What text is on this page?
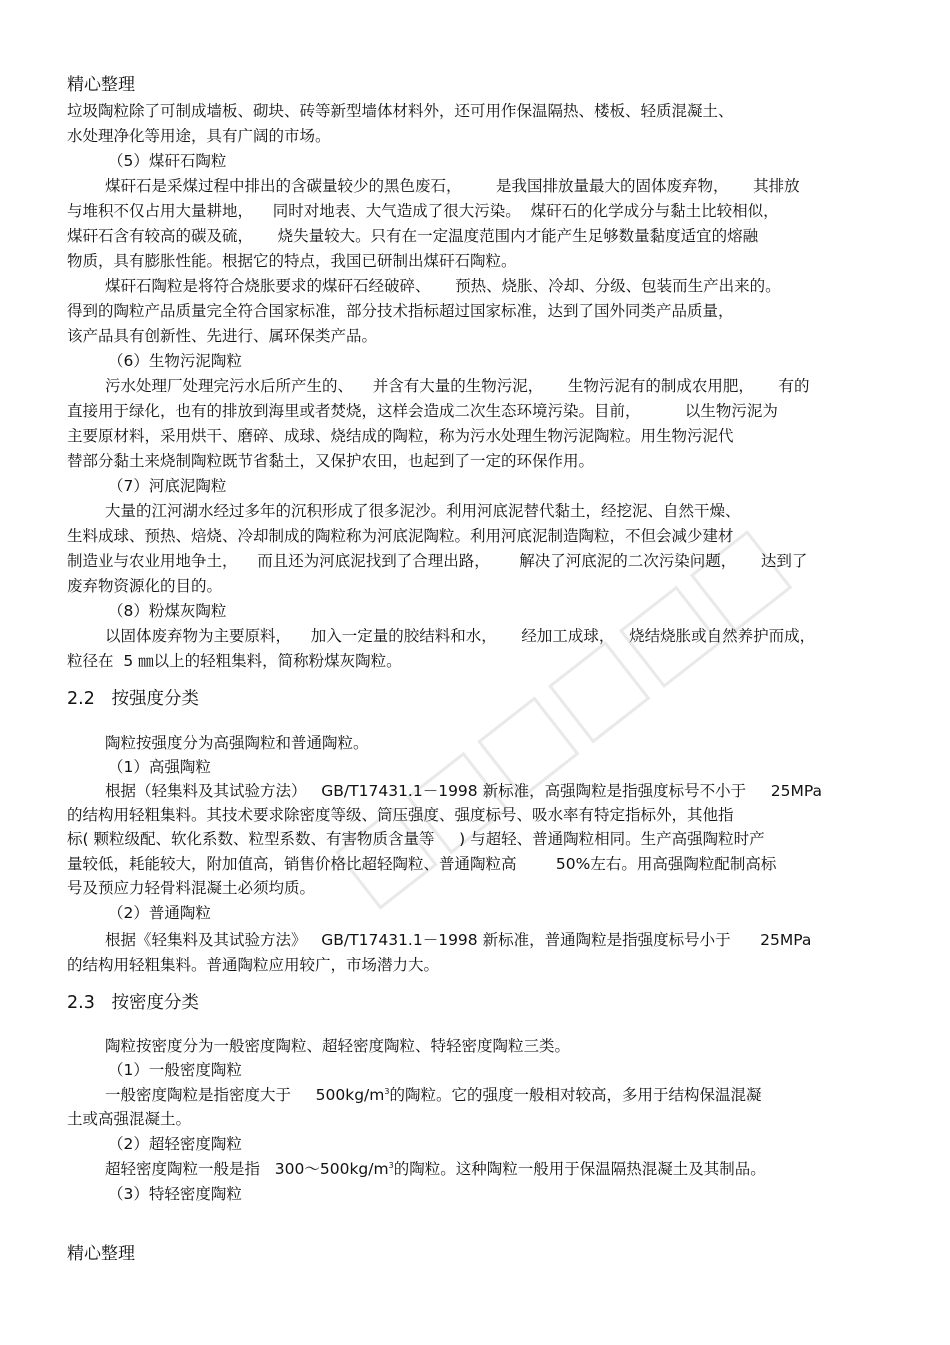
精心整理
垃圾陶粒除了可制成墙板、砌块、砖等新型墙体材料外，还可用作保温隔热、楼板、轻质混凝土、
水处理净化等用途，具有广阔的市场。
（5）煤矸石陶粒
煤矸石是采煤过程中排出的含碳量较少的黑色废石，       是我国排放量最大的固体废弃物，     其排放
与堆积不仅占用大量耕地，    同时对地表、大气造成了很大污染。  煤矸石的化学成分与黏土比较相似，
煤矸石含有较高的碳及硫，     烧失量较大。只有在一定温度范围内才能产生足够数量黏度适宜的熔融
物质，具有膨胀性能。根据它的特点，我国已研制出煤矸石陶粒。
煤矸石陶粒是将符合烧胀要求的煤矸石经破碎、     预热、烧胀、冷却、分级、包装而生产出来的。
得到的陶粒产品质量完全符合国家标准，部分技术指标超过国家标准，达到了国外同类产品质量，
该产品具有创新性、先进行、属环保类产品。
（6）生物污泥陶粒
污水处理厂处理完污水后所产生的、    并含有大量的生物污泥，     生物污泥有的制成农用肥，     有的
直接用于绿化，也有的排放到海里或者焚烧，这样会造成二次生态环境污染。目前，         以生物污泥为
主要原材料，采用烘干、磨碎、成球、烧结成的陶粒，称为污水处理生物污泥陶粒。用生物污泥代
替部分黏土来烧制陶粒既节省黏土，又保护农田，也起到了一定的环保作用。
（7）河底泥陶粒
大量的江河湖水经过多年的沉积形成了很多泥沙。利用河底泥替代黏土，经挖泥、自然干燥、
生料成球、预热、焙烧、冷却制成的陶粒称为河底泥陶粒。利用河底泥制造陶粒，不但会减少建材
制造业与农业用地争土，    而且还为河底泥找到了合理出路，      解决了河底泥的二次污染问题，     达到了
废弃物资源化的目的。
（8）粉煤灰陶粒
以固体废弃物为主要原料，    加入一定量的胶结料和水，     经加工成球，   烧结烧胀或自然养护而成，
粒径在  5 ㎜以上的轻粗集料，简称粉煤灰陶粒。
2.2   按强度分类
陶粒按强度分为高强陶粒和普通陶粒。
（1）高强陶粒
根据（轻集料及其试验方法）   GB/T17431.1－1998 新标准，高强陶粒是指强度标号不小于     25MPa
的结构用轻粗集料。其技术要求除密度等级、筒压强度、强度标号、吸水率有特定指标外，其他指
标( 颗粒级配、软化系数、粒型系数、有害物质含量等     ) 与超轻、普通陶粒相同。生产高强陶粒时产
量较低，耗能较大，附加值高，销售价格比超轻陶粒、普通陶粒高        50%左右。用高强陶粒配制高标
号及预应力轻骨料混凝土必须均质。
（2）普通陶粒
根据《轻集料及其试验方法》   GB/T17431.1－1998 新标准，普通陶粒是指强度标号小于      25MPa
的结构用轻粗集料。普通陶粒应用较广，市场潜力大。
2.3   按密度分类
陶粒按密度分为一般密度陶粒、超轻密度陶粒、特轻密度陶粒三类。
（1）一般密度陶粒
一般密度陶粒是指密度大于     $500kg/m^3$的陶粒。它的强度一般相对较高，多用于结构保温混凝
土或高强混凝土。
（2）超轻密度陶粒
超轻密度陶粒一般是指   $300\sim 500kg/m^3$的陶粒。这种陶粒一般用于保温隔热混凝土及其制品。
（3）特轻密度陶粒
精心整理
